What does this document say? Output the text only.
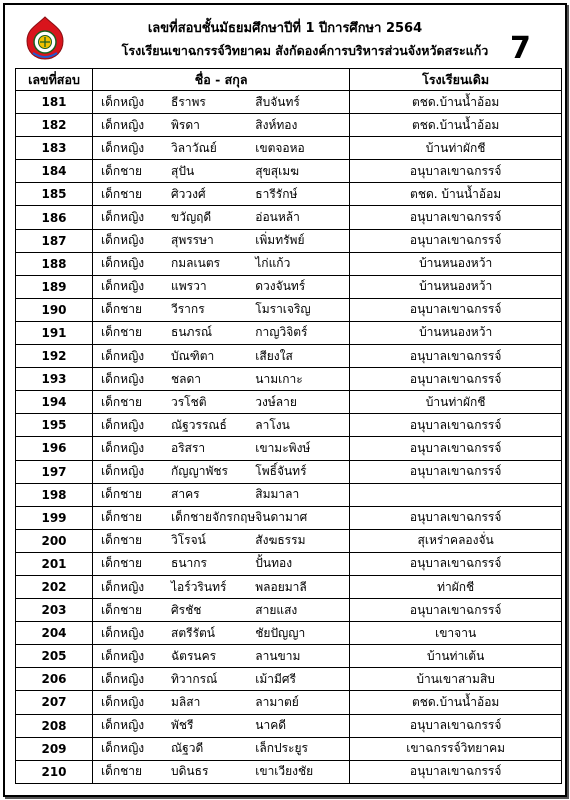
เลขที่สอบชั้นมัธยมศึกษาปีที่ 1 ปีการศึกษา 2564
โรงเรียนเขาฉกรรจ์วิทยาคม สังกัดองค์การบริหารส่วนจังหวัดสระแก้ว 7
เลขที่สอบ	ชื่อ - สกุล			โรงเรียนเดิม
181	เด็กหญิง	ธีราพร	สืบจันทร์	ตชด.บ้านน้ำอ้อม
182	เด็กหญิง	พิรดา	สิงห์ทอง	ตชด.บ้านน้ำอ้อม
183	เด็กหญิง	วิลาวัณย์	เขตจอหอ	บ้านท่าผักชี
184	เด็กชาย	สุปัน	สุขสุเมฆ	อนุบาลเขาฉกรรจ์
185	เด็กชาย	ศิววงศ์	ธารีรักษ์	ตชด. บ้านน้ำอ้อม
186	เด็กหญิง	ขวัญฤดี	อ่อนหล้า	อนุบาลเขาฉกรรจ์
187	เด็กหญิง	สุพรรษา	เพิ่มทรัพย์	อนุบาลเขาฉกรรจ์
188	เด็กหญิง	กมลเนตร	ไก่แก้ว	บ้านหนองหว้า
189	เด็กหญิง	แพรวา	ดวงจันทร์	บ้านหนองหว้า
190	เด็กชาย	วีรากร	โมราเจริญ	อนุบาลเขาฉกรรจ์
191	เด็กชาย	ธนภรณ์	กาญวิจิตร์	บ้านหนองหว้า
192	เด็กหญิง	บัณฑิตา	เสียงใส	อนุบาลเขาฉกรรจ์
193	เด็กหญิง	ชลดา	นามเกาะ	อนุบาลเขาฉกรรจ์
194	เด็กชาย	วรโชติ	วงษ์ลาย	บ้านท่าผักชี
195	เด็กหญิง	ณัฐวรรณธ์	ลาโงน	อนุบาลเขาฉกรรจ์
196	เด็กหญิง	อริสรา	เขามะพิงษ์	อนุบาลเขาฉกรรจ์
197	เด็กหญิง	กัญญาพัชร	โพธิ์จันทร์	อนุบาลเขาฉกรรจ์
198	เด็กชาย	สาคร	สิมมาลา	
199	เด็กชาย	เด็กชายจักรกฤษ	จินดามาศ	อนุบาลเขาฉกรรจ์
200	เด็กชาย	วิโรจน์	สังฆธรรม	สุเหร่าคลองจั่น
201	เด็กชาย	ธนากร	ปั้นทอง	อนุบาลเขาฉกรรจ์
202	เด็กหญิง	ไอร์วรินทร์	พลอยมาลี	ท่าผักชี
203	เด็กชาย	ศิรชัช	สายแสง	อนุบาลเขาฉกรรจ์
204	เด็กหญิง	สตรีรัตน์	ชัยปัญญา	เขาจาน
205	เด็กหญิง	ฉัตรนคร	ลานขาม	บ้านท่าเต้น
206	เด็กหญิง	ทิวากรณ์	เม้ามีศรี	บ้านเขาสามสิบ
207	เด็กหญิง	มลิสา	ลามาตย์	ตชด.บ้านน้ำอ้อม
208	เด็กหญิง	พัชรี	นาคดี	อนุบาลเขาฉกรรจ์
209	เด็กหญิง	ณัฐวดี	เล็กประยูร	เขาฉกรรจ์วิทยาคม
210	เด็กชาย	บดินธร	เขาเวียงชัย	อนุบาลเขาฉกรรจ์
